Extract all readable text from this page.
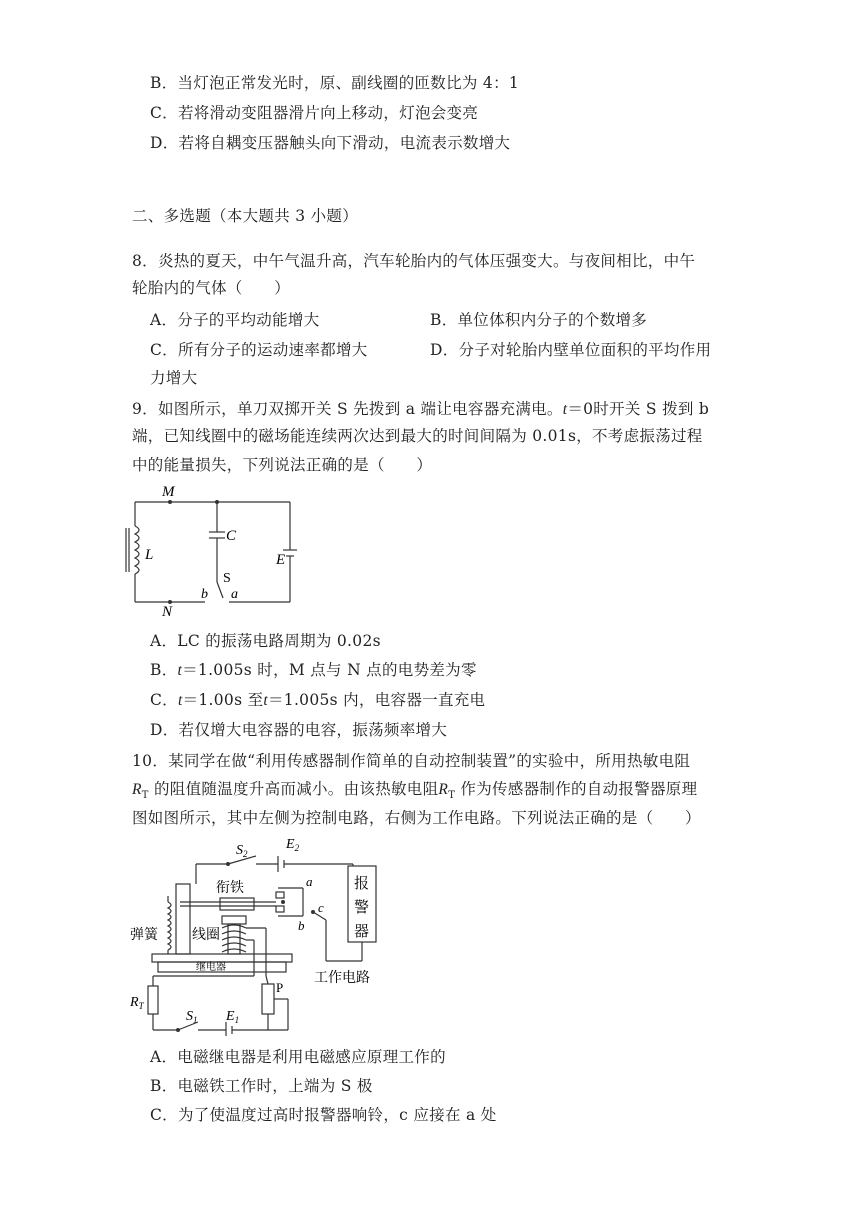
B．当灯泡正常发光时，原、副线圈的匝数比为 4：1
C．若将滑动变阻器滑片向上移动，灯泡会变亮
D．若将自耦变压器触头向下滑动，电流表示数增大
二、多选题（本大题共 3 小题）
8．炎热的夏天，中午气温升高，汽车轮胎内的气体压强变大。与夜间相比，中午
轮胎内的气体（　　）
A．分子的平均动能增大	B．单位体积内分子的个数增多
C．所有分子的运动速率都增大	D．分子对轮胎内壁单位面积的平均作用
力增大
9．如图所示，单刀双掷开关 S 先拨到 a 端让电容器充满电。t＝0时开关 S 拨到 b
端，已知线圈中的磁场能连续两次达到最大的时间间隔为 0.01s，不考虑振荡过程
中的能量损失，下列说法正确的是（　　）
M
N
L
C
E
S
b a
A．LC 的振荡电路周期为 0.02s
B．t＝1.005s 时，M 点与 N 点的电势差为零
C．t＝1.00s 至t＝1.005s 内，电容器一直充电
D．若仅增大电容器的电容，振荡频率增大
10．某同学在做“利用传感器制作简单的自动控制装置”的实验中，所用热敏电阻
$R_T$ 的阻值随温度升高而减小。由该热敏电阻$R_T$ 作为传感器制作的自动报警器原理
图如图所示，其中左侧为控制电路，右侧为工作电路。下列说法正确的是（　　）
$S_2$
$E_2$
衔铁	a
b
c
报
警
器
弹簧 线圈
继电器
工作电路
$R_T$
$S_1$ $E_1$
P
A．电磁继电器是利用电磁感应原理工作的
B．电磁铁工作时，上端为 S 极
C．为了使温度过高时报警器响铃，c 应接在 a 处
